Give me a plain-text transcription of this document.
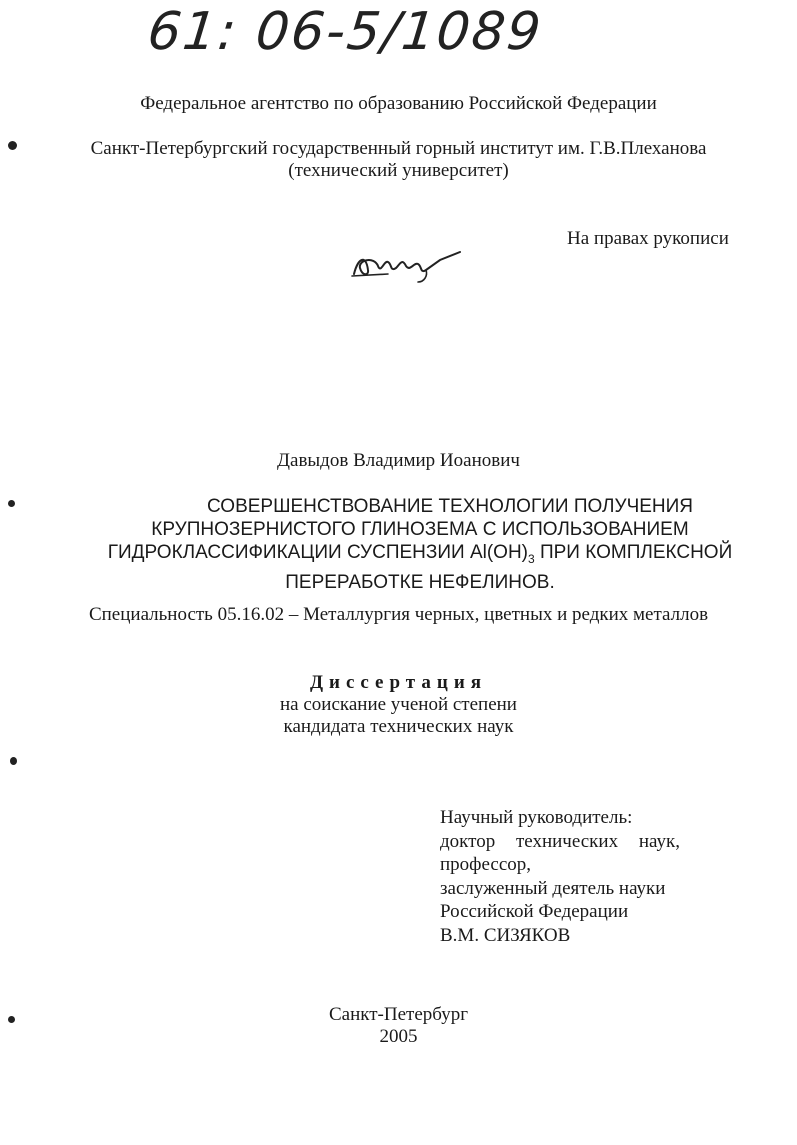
61: 06-5/1089
Федеральное агентство по образованию Российской Федерации
Санкт-Петербургский государственный горный институт им. Г.В.Плеханова
(технический университет)
На правах рукописи
Давыдов Владимир Иоанович
СОВЕРШЕНСТВОВАНИЕ ТЕХНОЛОГИИ ПОЛУЧЕНИЯ
КРУПНОЗЕРНИСТОГО ГЛИНОЗЕМА С ИСПОЛЬЗОВАНИЕМ
ГИДРОКЛАССИФИКАЦИИ СУСПЕНЗИИ $Al(OH)_3$ ПРИ КОМПЛЕКСНОЙ
ПЕРЕРАБОТКЕ НЕФЕЛИНОВ.
Специальность 05.16.02 – Металлургия черных, цветных и редких металлов
Диссертация
на соискание ученой степени
кандидата технических наук
Научный руководитель:
доктор технических наук,
профессор,
заслуженный деятель науки
Российской Федерации
В.М. СИЗЯКОВ
Санкт-Петербург
2005
